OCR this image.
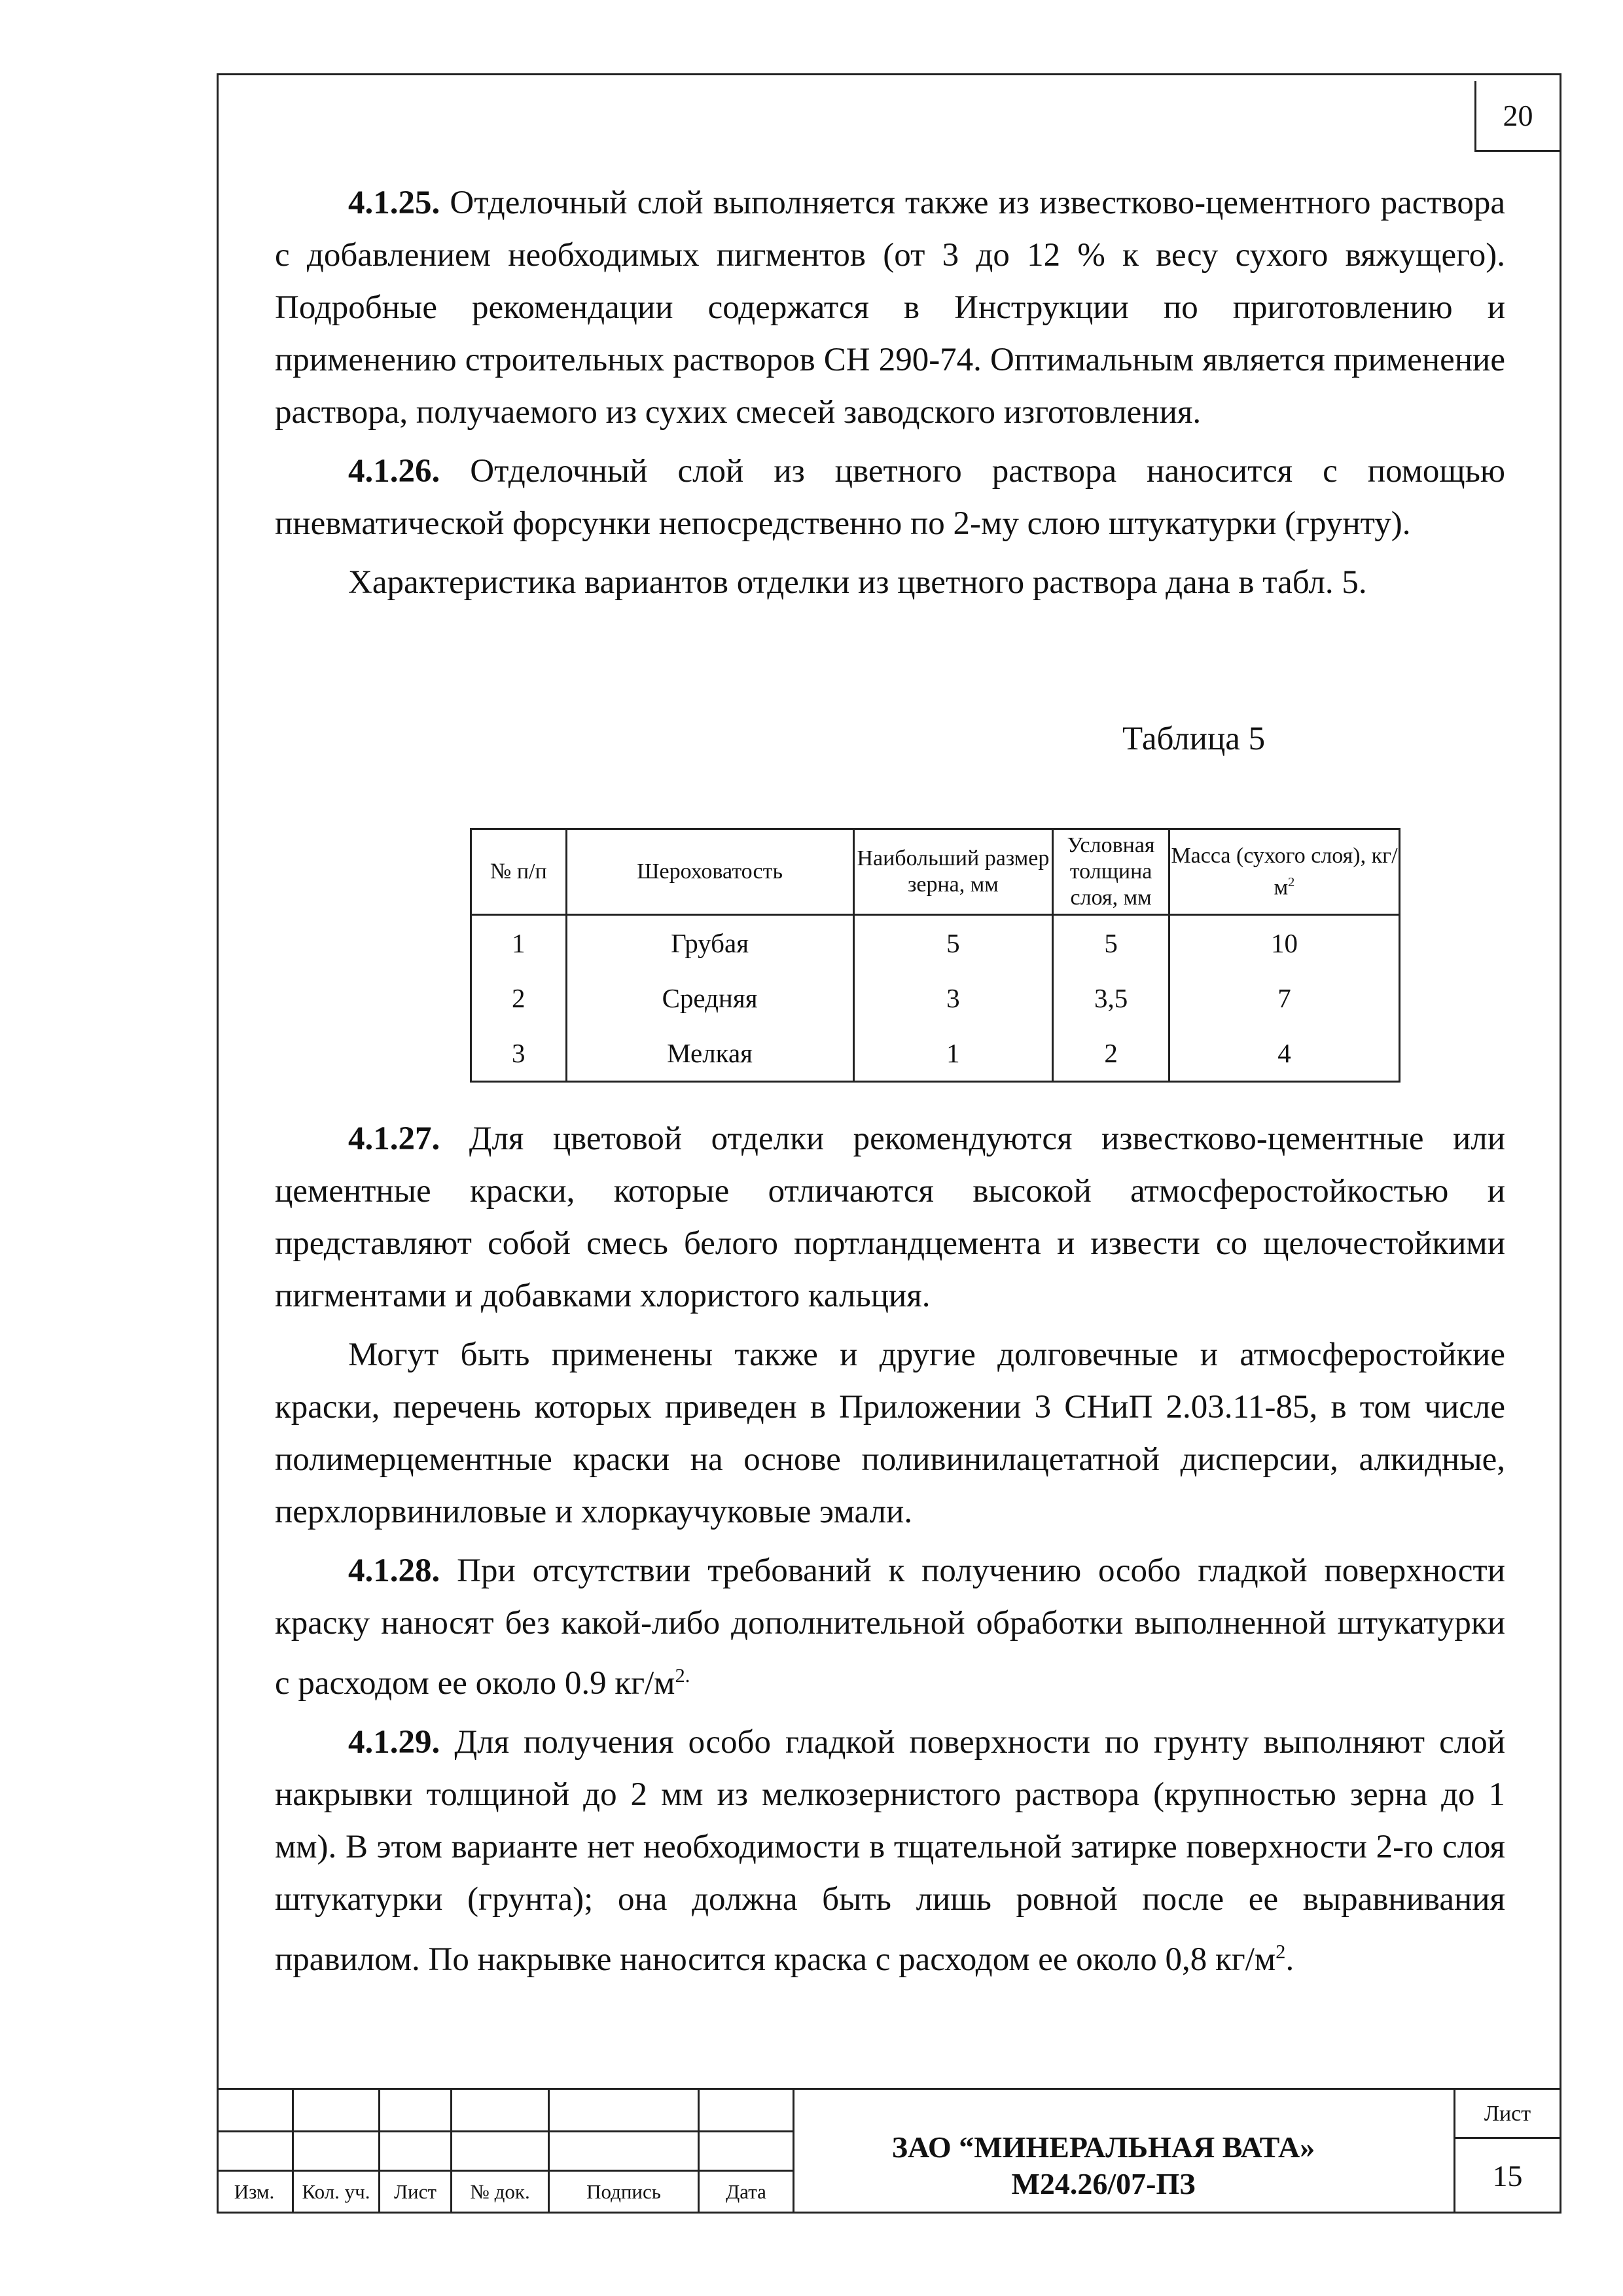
20

4.1.25. Отделочный слой выполняется также из известково-цементного раствора с добавлением необходимых пигментов (от 3 до 12 % к весу сухого вяжущего). Подробные рекомендации содержатся в Инструкции по приготовлению и применению строительных растворов СН 290-74. Оптимальным является применение раствора, получаемого из сухих смесей заводского изготовления.

4.1.26. Отделочный слой из цветного раствора наносится с помощью пневматической форсунки непосредственно по 2-му слою штукатурки (грунту).

Характеристика вариантов отделки из цветного раствора дана в табл. 5.

Таблица 5
№ п/п	Шероховатость	Наибольший размер зерна, мм	Условная толщина слоя, мм	Масса (сухого слоя), $кг/м^2$
1	Грубая	5	5	10
2	Средняя	3	3,5	7
3	Мелкая	1	2	4

4.1.27. Для цветовой отделки рекомендуются известково-цементные или цементные краски, которые отличаются высокой атмосферостойкостью и представляют собой смесь белого портландцемента и извести со щелочестойкими пигментами и добавками хлористого кальция.

Могут быть применены также и другие долговечные и атмосферостойкие краски, перечень которых приведен в Приложении 3 СНиП 2.03.11-85, в том числе полимерцементные краски на основе поливинилацетатной дисперсии, алкидные, перхлорвиниловые и хлоркаучуковые эмали.

4.1.28. При отсутствии требований к получению особо гладкой поверхности краску наносят без какой-либо дополнительной обработки выполненной штукатурки с расходом ее около 0.9 $кг/м^{2.}$

4.1.29. Для получения особо гладкой поверхности по грунту выполняют слой накрывки толщиной до 2 мм из мелкозернистого раствора (крупностью зерна до 1 мм). В этом варианте нет необходимости в тщательной затирке поверхности 2-го слоя штукатурки (грунта); она должна быть лишь ровной после ее выравнивания правилом. По накрывке наносится краска с расходом ее около 0,8 $кг/м^2$.

Изм.	Кол. уч.	Лист	№ док.	Подпись	Дата
ЗАО “МИНЕРАЛЬНАЯ ВАТА»
М24.26/07-ПЗ
Лист
15
